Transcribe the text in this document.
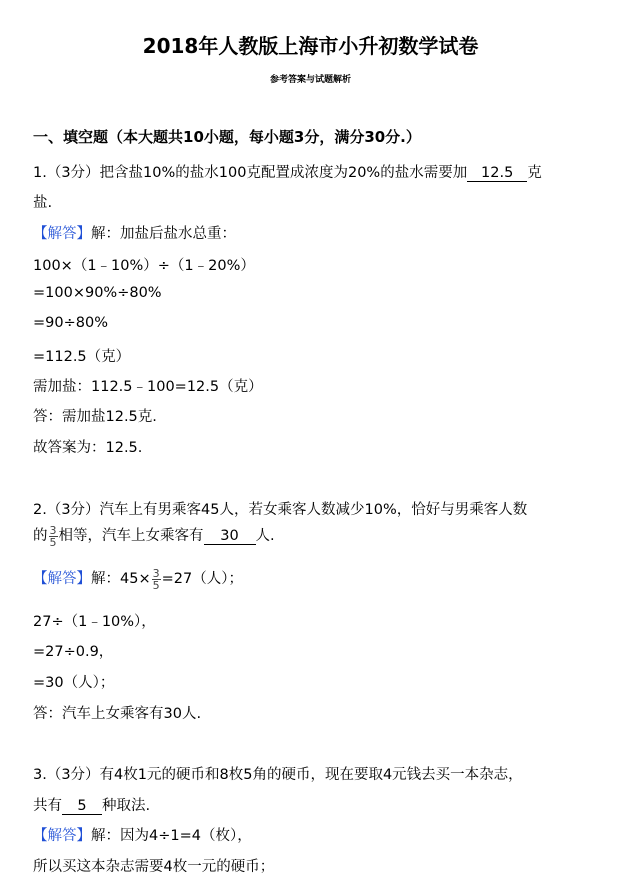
2018年人教版上海市小升初数学试卷
参考答案与试题解析
一、填空题（本大题共10小题，每小题3分，满分30分.）
1.（3分）把含盐10%的盐水100克配置成浓度为20%的盐水需要加 12.5 克
盐.
【解答】解：加盐后盐水总重：
100×（1﹣10%）÷（1﹣20%）
=100×90%÷80%
=90÷80%
=112.5（克）
需加盐：112.5﹣100=12.5（克）
答：需加盐12.5克.
故答案为：12.5.
2.（3分）汽车上有男乘客45人，若女乘客人数减少10%，恰好与男乘客人数
的 $\frac{3}{5}$ 相等，汽车上女乘客有 30 人.
【解答】解：$45\times \frac{3}{5} =27$（人）；
27÷（1﹣10%），
=27÷0.9，
=30（人）；
答：汽车上女乘客有30人.
3.（3分）有4枚1元的硬币和8枚5角的硬币，现在要取4元钱去买一本杂志，
共有 5 种取法.
【解答】解：因为4÷1=4（枚），
所以买这本杂志需要4枚一元的硬币；
